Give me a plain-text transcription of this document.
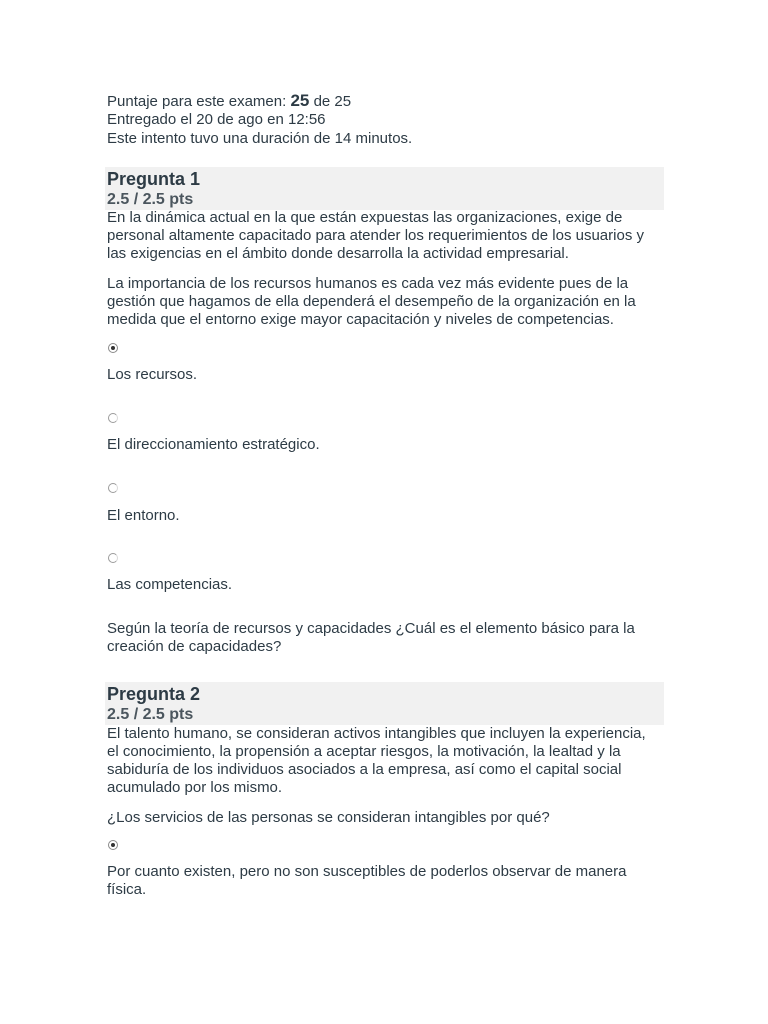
Puntaje para este examen: 25 de 25
Entregado el 20 de ago en 12:56
Este intento tuvo una duración de 14 minutos.
Pregunta 1
2.5 / 2.5 pts

En la dinámica actual en la que están expuestas las organizaciones, exige de personal altamente capacitado para atender los requerimientos de los usuarios y las exigencias en el ámbito donde desarrolla la actividad empresarial.

La importancia de los recursos humanos es cada vez más evidente pues de la gestión que hagamos de ella dependerá el desempeño de la organización en la medida que el entorno exige mayor capacitación y niveles de competencias.

Los recursos.
El direccionamiento estratégico.
El entorno.
Las competencias.

Según la teoría de recursos y capacidades ¿Cuál es el elemento básico para la creación de capacidades?

Pregunta 2
2.5 / 2.5 pts

El talento humano, se consideran activos intangibles que incluyen la experiencia, el conocimiento, la propensión a aceptar riesgos, la motivación, la lealtad y la sabiduría de los individuos asociados a la empresa, así como el capital social acumulado por los mismo.

¿Los servicios de las personas se consideran intangibles por qué?

Por cuanto existen, pero no son susceptibles de poderlos observar de manera física.
